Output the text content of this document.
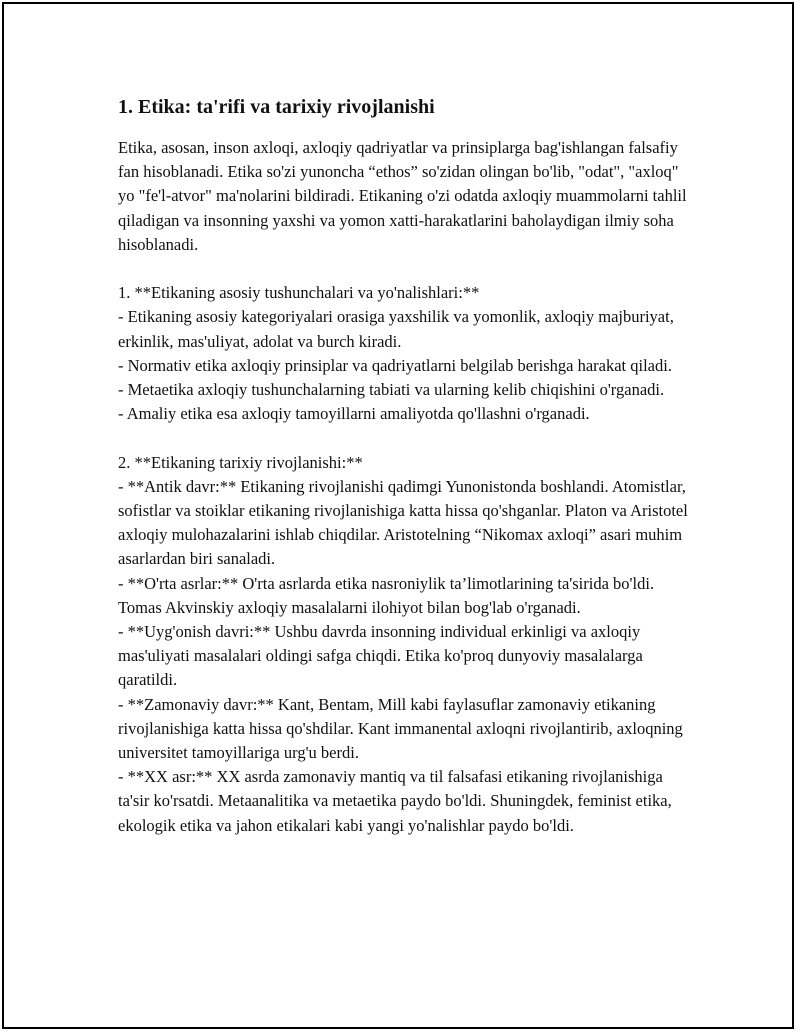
1. Etika: ta'rifi va tarixiy rivojlanishi

Etika, asosan, inson axloqi, axloqiy qadriyatlar va prinsiplarga bag'ishlangan falsafiy fan hisoblanadi. Etika so'zi yunoncha “ethos” so'zidan olingan bo'lib, "odat", "axloq" yo "fe'l-atvor" ma'nolarini bildiradi. Etikaning o'zi odatda axloqiy muammolarni tahlil qiladigan va insonning yaxshi va yomon xatti-harakatlarini baholaydigan ilmiy soha hisoblanadi.

1. **Etikaning asosiy tushunchalari va yo'nalishlari:**

- Etikaning asosiy kategoriyalari orasiga yaxshilik va yomonlik, axloqiy majburiyat, erkinlik, mas'uliyat, adolat va burch kiradi.

- Normativ etika axloqiy prinsiplar va qadriyatlarni belgilab berishga harakat qiladi.

- Metaetika axloqiy tushunchalarning tabiati va ularning kelib chiqishini o'rganadi.

- Amaliy etika esa axloqiy tamoyillarni amaliyotda qo'llashni o'rganadi.

2. **Etikaning tarixiy rivojlanishi:**

- **Antik davr:** Etikaning rivojlanishi qadimgi Yunonistonda boshlandi. Atomistlar, sofistlar va stoiklar etikaning rivojlanishiga katta hissa qo'shganlar. Platon va Aristotel axloqiy mulohazalarini ishlab chiqdilar. Aristotelning “Nikomax axloqi” asari muhim asarlardan biri sanaladi.

- **O'rta asrlar:** O'rta asrlarda etika nasroniylik ta’limotlarining ta'sirida bo'ldi. Tomas Akvinskiy axloqiy masalalarni ilohiyot bilan bog'lab o'rganadi.

- **Uyg'onish davri:** Ushbu davrda insonning individual erkinligi va axloqiy mas'uliyati masalalari oldingi safga chiqdi. Etika ko'proq dunyoviy masalalarga qaratildi.

- **Zamonaviy davr:** Kant, Bentam, Mill kabi faylasuflar zamonaviy etikaning rivojlanishiga katta hissa qo'shdilar. Kant immanental axloqni rivojlantirib, axloqning universitet tamoyillariga urg'u berdi.

- **XX asr:** XX asrda zamonaviy mantiq va til falsafasi etikaning rivojlanishiga ta'sir ko'rsatdi. Metaanalitika va metaetika paydo bo'ldi. Shuningdek, feminist etika, ekologik etika va jahon etikalari kabi yangi yo'nalishlar paydo bo'ldi.
